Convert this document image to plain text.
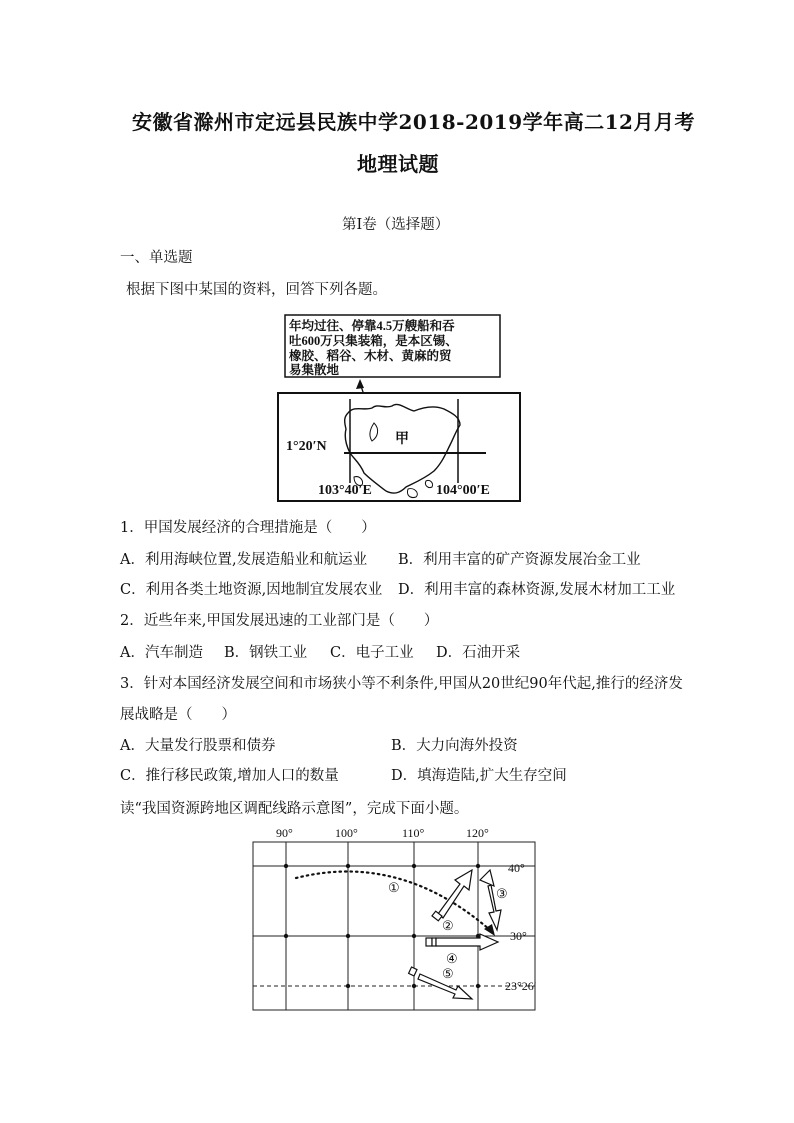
安徽省滁州市定远县民族中学2018-2019学年高二12月月考
地理试题
第I卷（选择题）
一、单选题
根据下图中某国的资料，回答下列各题。
年均过往、停靠4.5万艘船和吞
吐600万只集装箱，是本区锡、
橡胶、稻谷、木材、黄麻的贸
易集散地
甲
1°20′N
103°40′E	104°00′E
1．甲国发展经济的合理措施是（　　）
A．利用海峡位置,发展造船业和航运业 B．利用丰富的矿产资源发展冶金工业
C．利用各类土地资源,因地制宜发展农业 D．利用丰富的森林资源,发展木材加工工业
2．近些年来,甲国发展迅速的工业部门是（　　）
A．汽车制造 B．钢铁工业 C．电子工业 D．石油开采
3．针对本国经济发展空间和市场狭小等不利条件,甲国从20世纪90年代起,推行的经济发
展战略是（　　）
A．大量发行股票和债券	B．大力向海外投资
C．推行移民政策,增加人口的数量	D．填海造陆,扩大生存空间
读“我国资源跨地区调配线路示意图”，完成下面小题。
90°	100°	110°	120°
40°
30°
23°26′
①
②
③
④
⑤
